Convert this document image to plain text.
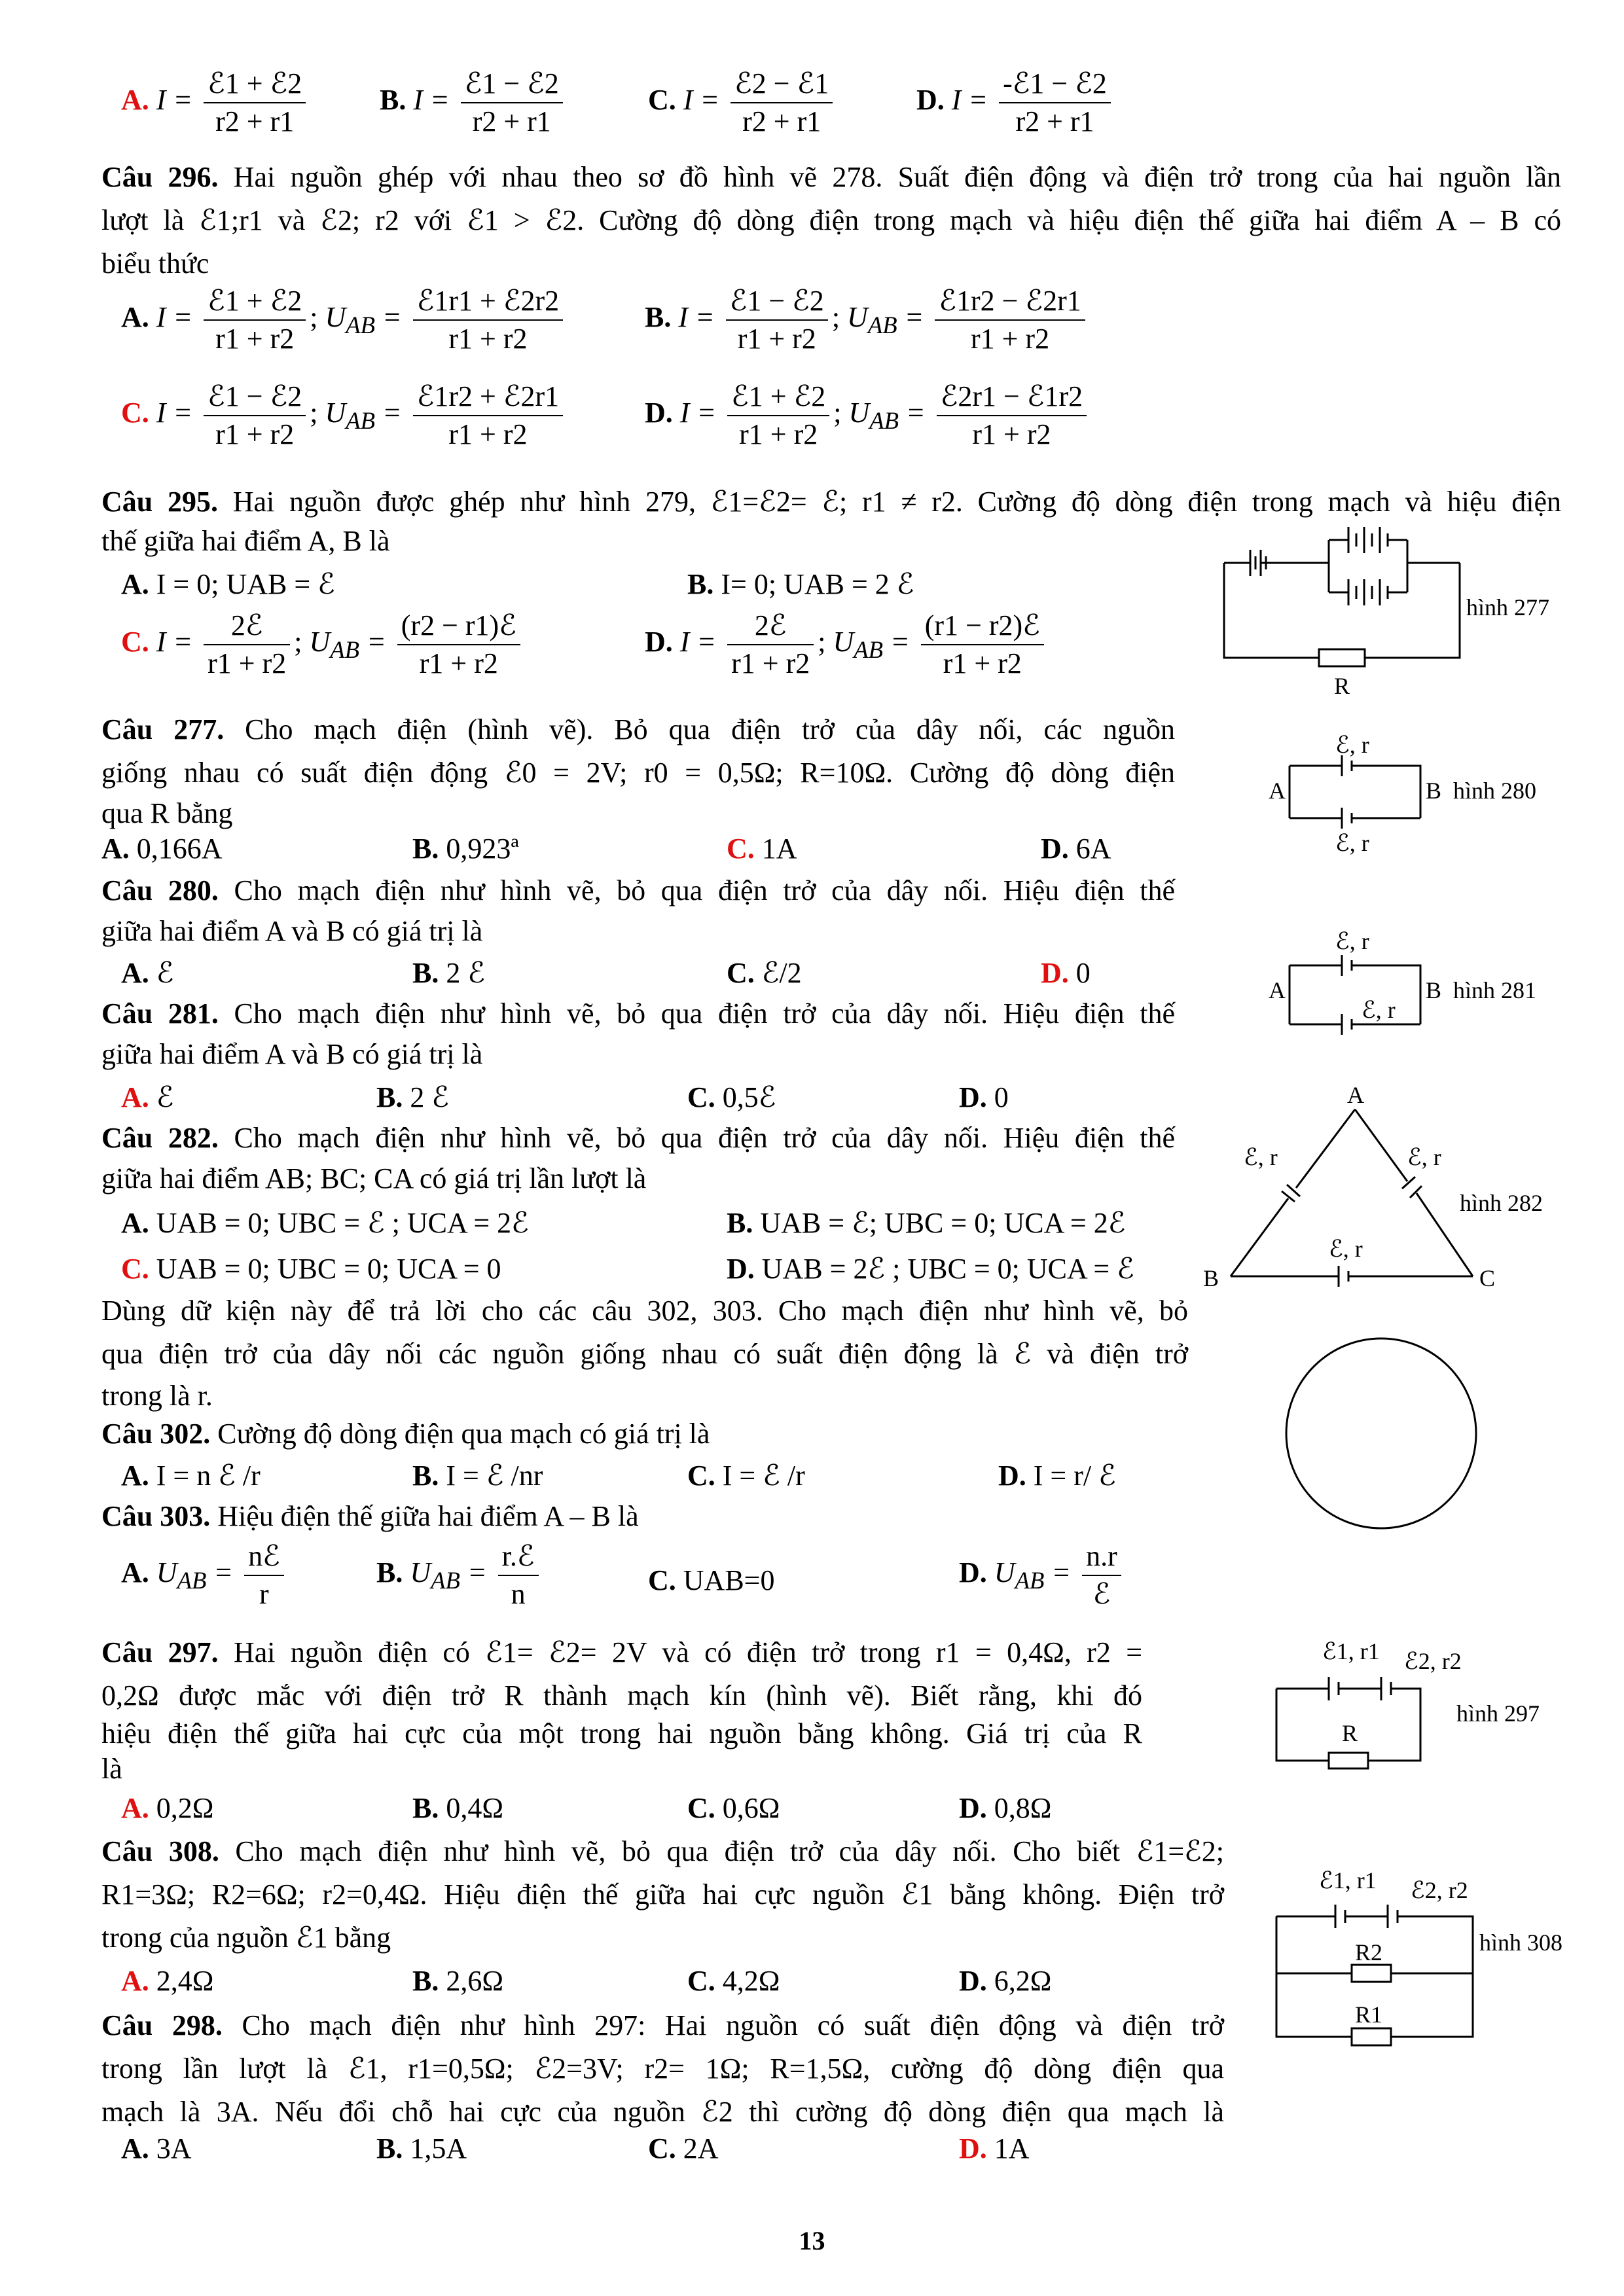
A. I =
ℰ1 + ℰ2
r2 + r1
B. I =
ℰ1 − ℰ2
r2 + r1
C. I =
ℰ2 − ℰ1
r2 + r1
D. I =
-ℰ1 − ℰ2
r2 + r1
Câu 296. Hai nguồn ghép với nhau theo sơ đồ hình vẽ 278. Suất điện động và điện trở trong của hai nguồn lần
lượt là ℰ1;r1 và ℰ2; r2 với ℰ1 > ℰ2. Cường độ dòng điện trong mạch và hiệu điện thế giữa hai điểm A – B có
biểu thức
A. I =
ℰ1 + ℰ2
r1 + r2
; $U_{AB}$ =
ℰ1r1 + ℰ2r2
r1 + r2
B. I =
ℰ1 − ℰ2
r1 + r2
; $U_{AB}$ =
ℰ1r2 − ℰ2r1
r1 + r2
C. I =
ℰ1 − ℰ2
r1 + r2
; $U_{AB}$ =
ℰ1r2 + ℰ2r1
r1 + r2
D. I =
ℰ1 + ℰ2
r1 + r2
; $U_{AB}$ =
ℰ2r1 − ℰ1r2
r1 + r2
Câu 295. Hai nguồn được ghép như hình 279, ℰ1=ℰ2= ℰ; r1 ≠ r2. Cường độ dòng điện trong mạch và hiệu điện
thế giữa hai điểm A, B là
A. I = 0; UAB = ℰ	B. I= 0; UAB = 2 ℰ
C. I =
2ℰ
r1 + r2
; $U_{AB}$ =
(r2 − r1)ℰ
r1 + r2
D. I =
2ℰ
r1 + r2
; $U_{AB}$ =
(r1 − r2)ℰ
r1 + r2
Câu 277. Cho mạch điện (hình vẽ). Bỏ qua điện trở của dây nối, các nguồn
giống nhau có suất điện động ℰ0 = 2V; r0 = 0,5Ω; R=10Ω. Cường độ dòng điện
qua R bằng
A. 0,166A	B. 0,923ª	C. 1A	D. 6A
Câu 280. Cho mạch điện như hình vẽ, bỏ qua điện trở của dây nối. Hiệu điện thế
giữa hai điểm A và B có giá trị là
A. ℰ	B. 2 ℰ	C. ℰ/2	D. 0
Câu 281. Cho mạch điện như hình vẽ, bỏ qua điện trở của dây nối. Hiệu điện thế
giữa hai điểm A và B có giá trị là
A. ℰ	B. 2 ℰ	C. 0,5ℰ	D. 0
Câu 282. Cho mạch điện như hình vẽ, bỏ qua điện trở của dây nối. Hiệu điện thế
giữa hai điểm AB; BC; CA có giá trị lần lượt là
A. UAB = 0; UBC = ℰ ; UCA = 2ℰ	B. UAB = ℰ; UBC = 0; UCA = 2ℰ
C. UAB = 0; UBC = 0; UCA = 0	D. UAB = 2ℰ ; UBC = 0; UCA = ℰ
Dùng dữ kiện này để trả lời cho các câu 302, 303. Cho mạch điện như hình vẽ, bỏ
qua điện trở của dây nối các nguồn giống nhau có suất điện động là ℰ và điện trở
trong là r.
Câu 302. Cường độ dòng điện qua mạch có giá trị là
A. I = n ℰ /r	B. I = ℰ /nr	C. I = ℰ /r	D. I = r/ ℰ
Câu 303. Hiệu điện thế giữa hai điểm A – B là
A. $U_{AB}$ =
nℰ
r
B. $U_{AB}$ =
r.ℰ
n	C. UAB=0	D. $U_{AB}$ =
n.r
ℰ
Câu 297. Hai nguồn điện có ℰ1= ℰ2= 2V và có điện trở trong r1 = 0,4Ω, r2 =
0,2Ω được mắc với điện trở R thành mạch kín (hình vẽ). Biết rằng, khi đó
hiệu điện thế giữa hai cực của một trong hai nguồn bằng không. Giá trị của R
là
A. 0,2Ω	B. 0,4Ω	C. 0,6Ω	D. 0,8Ω
Câu 308. Cho mạch điện như hình vẽ, bỏ qua điện trở của dây nối. Cho biết ℰ1=ℰ2;
R1=3Ω; R2=6Ω; r2=0,4Ω. Hiệu điện thế giữa hai cực nguồn ℰ1 bằng không. Điện trở
trong của nguồn ℰ1 bằng
A. 2,4Ω	B. 2,6Ω	C. 4,2Ω	D. 6,2Ω
Câu 298. Cho mạch điện như hình 297: Hai nguồn có suất điện động và điện trở
trong lần lượt là ℰ1, r1=0,5Ω; ℰ2=3V; r2= 1Ω; R=1,5Ω, cường độ dòng điện qua
mạch là 3A. Nếu đổi chỗ hai cực của nguồn ℰ2 thì cường độ dòng điện qua mạch là
A. 3A	B. 1,5A	C. 2A	D. 1A
hình 277
R
ℰ, r
A	B hình 280
ℰ, r
ℰ, r
A
ℰ, r
B hình 281
A
ℰ, r	ℰ, r
hình 282
ℰ, r
B	C
ℰ1, r1 ℰ2, r2
hình 297
R
ℰ1, r1 ℰ2, r2
hình 308
R2
R1
13
